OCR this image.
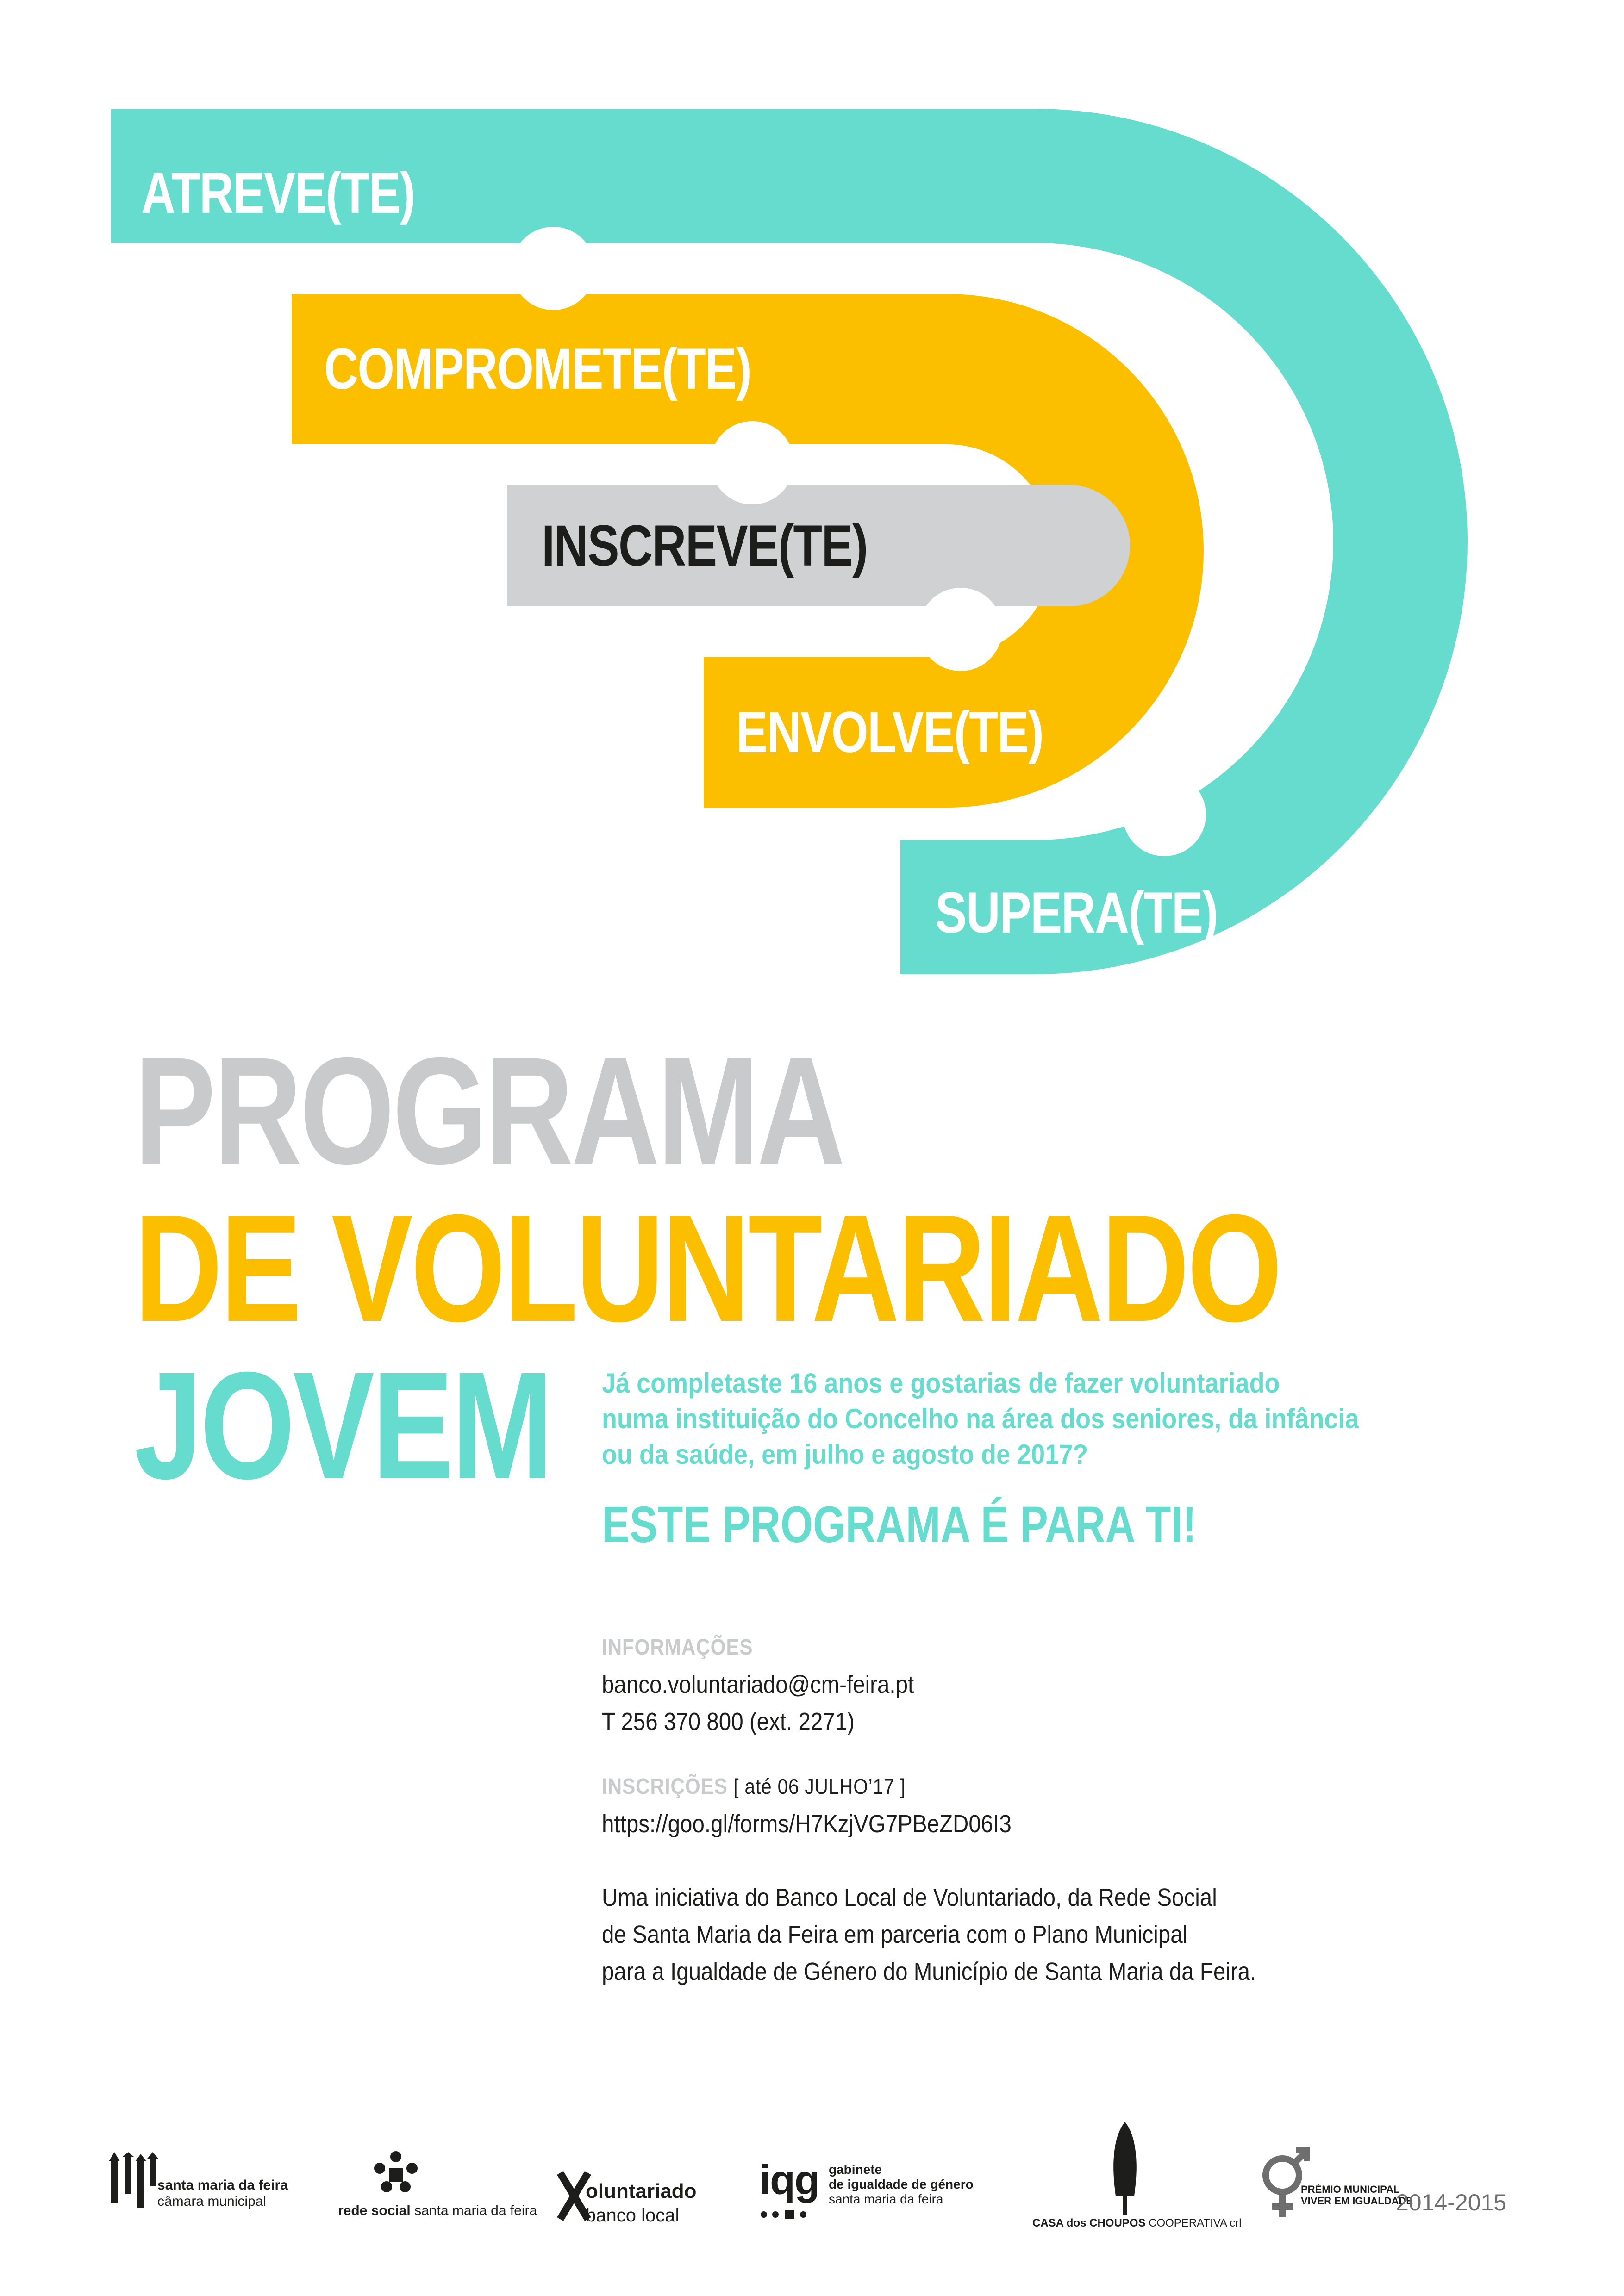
ATREVE(TE)
COMPROMETE(TE)
INSCREVE(TE)
ENVOLVE(TE)
SUPERA(TE)
PROGRAMA
DE VOLUNTARIADO
JOVEM Já completaste 16 anos e gostarias de fazer voluntariado

numa instituição do Concelho na área dos seniores, da infância

ou da saúde, em julho e agosto de 2017?

ESTE PROGRAMA É PARA TI!

INFORMAÇÕES

banco.voluntariado@cm-feira.pt

T 256 370 800 (ext. 2271)

INSCRIÇÕES [ até 06 JULHO’17 ]

https://goo.gl/forms/H7KzjVG7PBeZD06I3

Uma iniciativa do Banco Local de Voluntariado, da Rede Social

de Santa Maria da Feira em parceria com o Plano Municipal

para a Igualdade de Género do Município de Santa Maria da Feira.

santa maria da feira
câmara municipal
rede social santa maria da feira
oluntariado
banco local
iqg gabinete
de igualdade de género
santa maria da feira
CASA dos CHOUPOS COOPERATIVA crl
PRÉMIO MUNICIPAL
VIVER EM IGUALDADE
2014-2015
